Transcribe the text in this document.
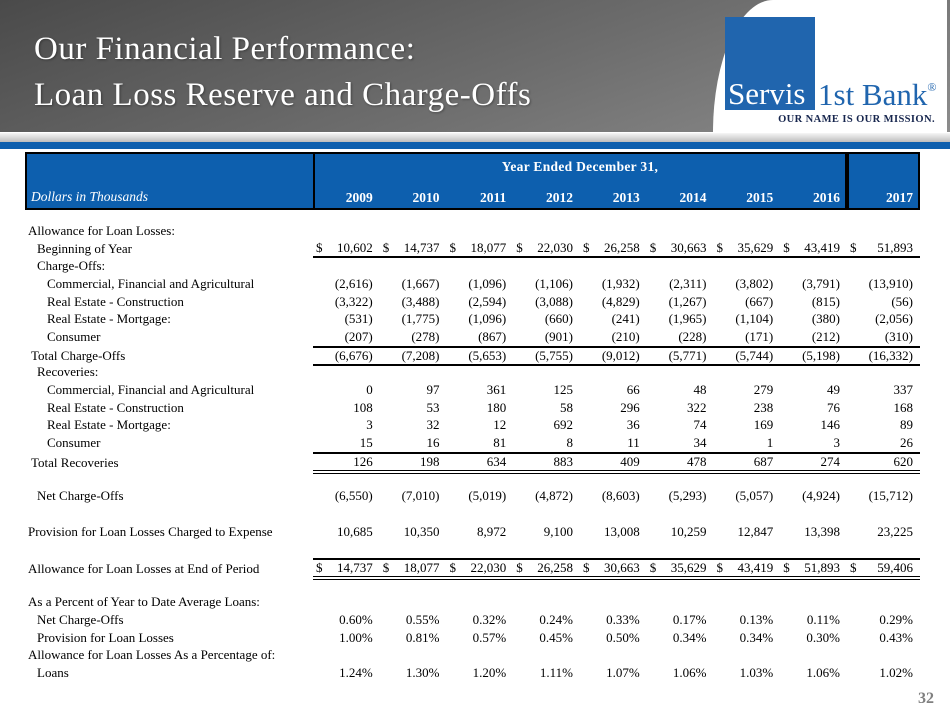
Our Financial Performance:
Loan Loss Reserve and Charge-Offs	Servis 1st Bank®
OUR NAME IS OUR MISSION.
Year Ended December 31,
Dollars in Thousands	2009	2010	2011	2012	2013	2014	2015	2016	2017
Allowance for Loan Losses:
Beginning of Year	$ 10,602 $ 14,737 $ 18,077 $ 22,030 $ 26,258 $ 30,663 $ 35,629 $ 43,419 $ 51,893
Charge-Offs:
Commercial, Financial and Agricultural	(2,616) (1,667) (1,096) (1,106) (1,932) (2,311) (3,802) (3,791) (13,910)
Real Estate - Construction	(3,322) (3,488) (2,594) (3,088) (4,829) (1,267)	(667)	(815)	(56)
Real Estate - Mortgage:	(531) (1,775) (1,096)	(660)	(241) (1,965) (1,104)	(380)	(2,056)
Consumer	(207)	(278)	(867)	(901)	(210)	(228)	(171)	(212)	(310)
Total Charge-Offs	(6,676) (7,208) (5,653) (5,755) (9,012) (5,771) (5,744) (5,198) (16,332)
Recoveries:
Commercial, Financial and Agricultural	0	97	361	125	66	48	279	49	337
Real Estate - Construction	108	53	180	58	296	322	238	76	168
Real Estate - Mortgage:	3	32	12	692	36	74	169	146	89
Consumer	15	16	81	8	11	34	1	3	26
Total Recoveries	126	198	634	883	409	478	687	274	620
Net Charge-Offs	(6,550) (7,010) (5,019) (4,872) (8,603) (5,293) (5,057) (4,924) (15,712)
Provision for Loan Losses Charged to Expense	10,685 10,350	8,972	9,100 13,008 10,259 12,847 13,398	23,225
Allowance for Loan Losses at End of Period	$ 14,737 $ 18,077 $ 22,030 $ 26,258 $ 30,663 $ 35,629 $ 43,419 $ 51,893 $ 59,406
As a Percent of Year to Date Average Loans:
Net Charge-Offs	0.60%	0.55%	0.32%	0.24%	0.33%	0.17%	0.13%	0.11%	0.29%
Provision for Loan Losses	1.00%	0.81%	0.57%	0.45%	0.50%	0.34%	0.34%	0.30%	0.43%
Allowance for Loan Losses As a Percentage of:
Loans	1.24%	1.30%	1.20%	1.11%	1.07%	1.06%	1.03%	1.06%	1.02%
32
